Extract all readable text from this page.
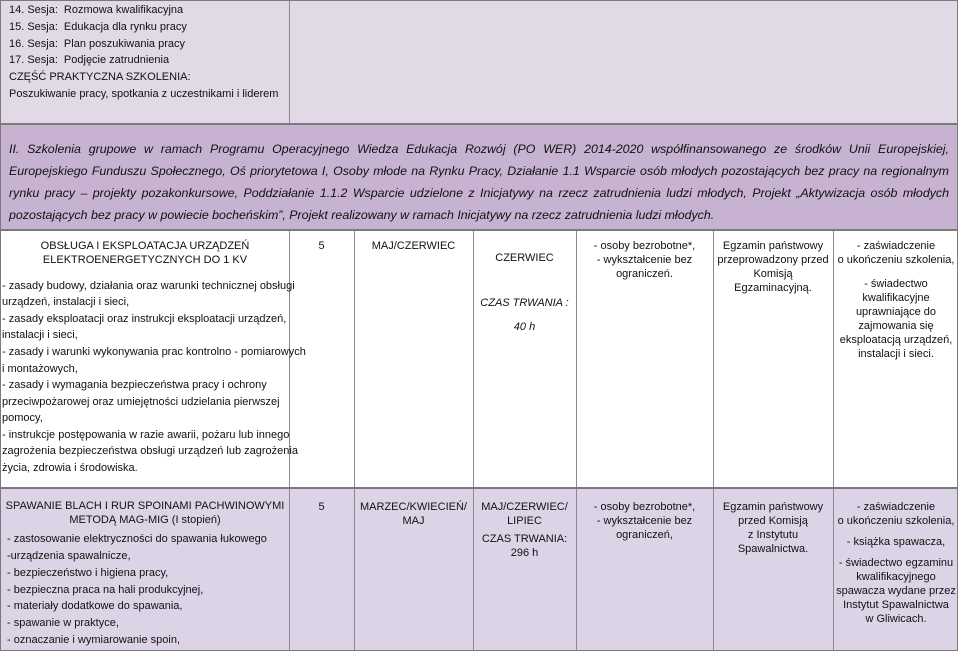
14. Sesja: Rozmowa kwalifikacyjna
15. Sesja: Edukacja dla rynku pracy
16. Sesja: Plan poszukiwania pracy
17. Sesja: Podjęcie zatrudnienia
CZĘŚĆ PRAKTYCZNA SZKOLENIA:
Poszukiwanie pracy, spotkania z uczestnikami i liderem
II. Szkolenia grupowe w ramach Programu Operacyjnego Wiedza Edukacja Rozwój (PO WER) 2014-2020 współfinansowanego ze środków Unii Europejskiej, Europejskiego Funduszu Społecznego, Oś priorytetowa I, Osoby młode na Rynku Pracy, Działanie 1.1 Wsparcie osób młodych pozostających bez pracy na regionalnym rynku pracy – projekty pozakonkursowe, Poddziałanie 1.1.2 Wsparcie udzielone z Inicjatywy na rzecz zatrudnienia ludzi młodych, Projekt „Aktywizacja osób młodych pozostających bez pracy w powiecie bocheńskim”, Projekt realizowany w ramach Inicjatywy na rzecz zatrudnienia ludzi młodych.
OBSŁUGA I EKSPLOATACJA URZĄDZEŃ
ELEKTROENERGETYCZNYCH DO 1 KV
- zasady budowy, działania oraz warunki technicznej obsługi
urządzeń, instalacji i sieci,
- zasady eksploatacji oraz instrukcji eksploatacji urządzeń,
instalacji i sieci,
- zasady i warunki wykonywania prac kontrolno - pomiarowych
i montażowych,
- zasady i wymagania bezpieczeństwa pracy i ochrony
przeciwpożarowej oraz umiejętności udzielania pierwszej
pomocy,
- instrukcje postępowania w razie awarii, pożaru lub innego
zagrożenia bezpieczeństwa obsługi urządzeń lub zagrożenia
życia, zdrowia i środowiska.
5	MAJ/CZERWIEC
CZERWIEC
CZAS TRWANIA :
40 h
- osoby bezrobotne*,
- wykształcenie bez ograniczeń.
Egzamin państwowy
przeprowadzony przed
Komisją
Egzaminacyjną.
- zaświadczenie
o ukończeniu szkolenia,
- świadectwo
kwalifikacyjne
uprawniające do
zajmowania się
eksploatacją urządzeń,
instalacji i sieci.
SPAWANIE BLACH I RUR SPOINAMI PACHWINOWYMI
METODĄ MAG-MIG (I stopień)
- zastosowanie elektryczności do spawania łukowego
-urządzenia spawalnicze,
- bezpieczeństwo i higiena pracy,
- bezpieczna praca na hali produkcyjnej,
- materiały dodatkowe do spawania,
- spawanie w praktyce,
- oznaczanie i wymiarowanie spoin,
5	MARZEC/KWIECIEŃ/
MAJ
MAJ/CZERWIEC/
LIPIEC
CZAS TRWANIA:
296 h
- osoby bezrobotne*,
- wykształcenie bez ograniczeń,
Egzamin państwowy
przed Komisją
z Instytutu
Spawalnictwa.
- zaświadczenie
o ukończeniu szkolenia,
- książka spawacza,
- świadectwo egzaminu
kwalifikacyjnego
spawacza wydane przez
Instytut Spawalnictwa
w Gliwicach.
